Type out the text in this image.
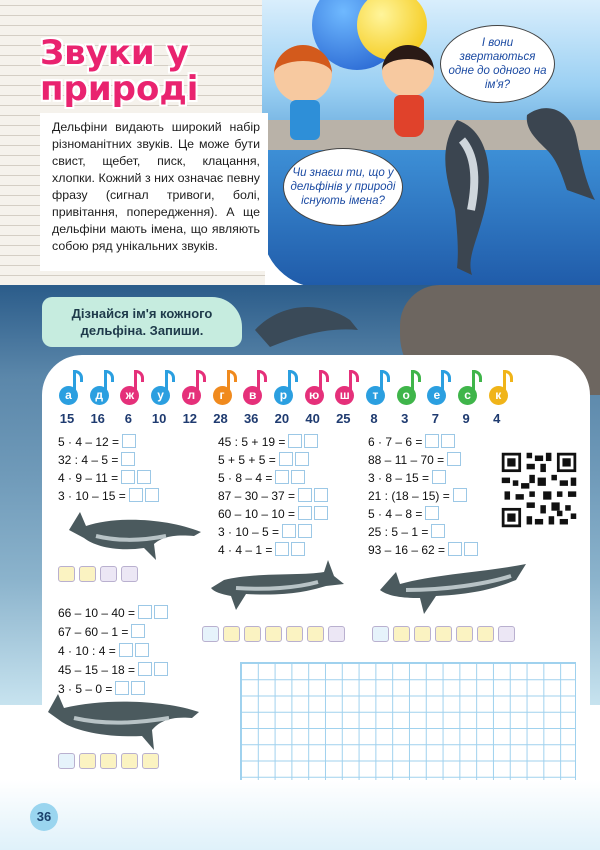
Звуки у природі
Дельфіни видають широкий набір різноманітних звуків. Це може бути свист, щебет, писк, клацання, хлопки. Кожний з них означає певну фразу (сигнал тривоги, болі, привітання, попередження). А ще дельфіни мають імена, що являють собою ряд унікальних звуків.
І вони звертаються одне до одного на ім'я?
Чи знаєш ти, що у дельфінів у природі існують імена?
Дізнайся ім'я кожного дельфіна. Запиши.
а
15
д
16
ж
6
у
10
л
12
г
28
в
36
р
20
ю
40
ш
25
т
8
о
3
е
7
с
9
к
4
5 · 4 – 12 =
32 : 4 – 5 =
4 · 9 – 11 =
3 · 10 – 15 =
45 : 5 + 19 =
5 + 5 + 5 =
5 · 8 – 4 =
87 – 30 – 37 =
60 – 10 – 10 =
3 · 10 – 5 =
4 · 4 – 1 =
6 · 7 – 6 =
88 – 11 – 70 =
3 · 8 – 15 =
21 : (18 – 15) =
5 · 4 – 8 =
25 : 5 – 1 =
93 – 16 – 62 =
66 – 10 – 40 =
67 – 60 – 1 =
4 · 10 : 4 =
45 – 15 – 18 =
3 · 5 – 0 =
36
